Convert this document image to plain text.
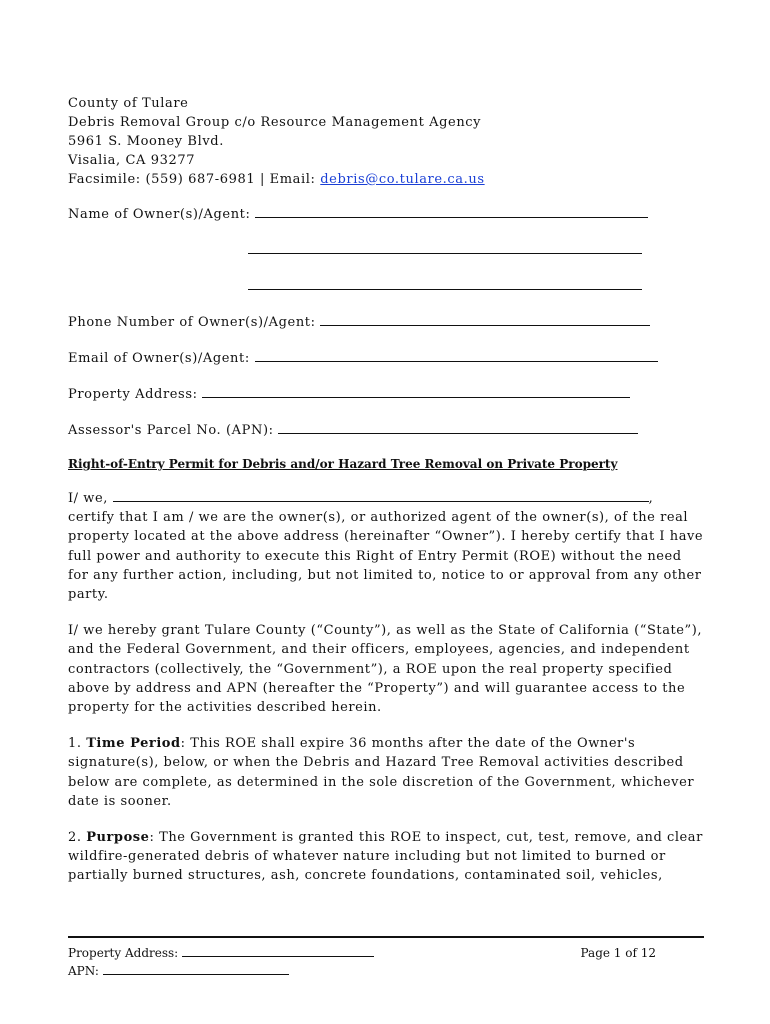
County of Tulare
Debris Removal Group c/o Resource Management Agency
5961 S. Mooney Blvd.
Visalia, CA 93277
Facsimile: (559) 687-6981 | Email: debris@co.tulare.ca.us
Name of Owner(s)/Agent:
Phone Number of Owner(s)/Agent:
Email of Owner(s)/Agent:
Property Address:
Assessor's Parcel No. (APN):
Right-of-Entry Permit for Debris and/or Hazard Tree Removal on Private Property

I/ we,	,
certify that I am / we are the owner(s), or authorized agent of the owner(s), of the real property located at the above address (hereinafter “Owner”). I hereby certify that I have full power and authority to execute this Right of Entry Permit (ROE) without the need for any further action, including, but not limited to, notice to or approval from any other party.

I/ we hereby grant Tulare County (“County”), as well as the State of California (“State”), and the Federal Government, and their officers, employees, agencies, and independent contractors (collectively, the “Government”), a ROE upon the real property specified above by address and APN (hereafter the “Property”) and will guarantee access to the property for the activities described herein.

1. Time Period: This ROE shall expire 36 months after the date of the Owner's signature(s), below, or when the Debris and Hazard Tree Removal activities described below are complete, as determined in the sole discretion of the Government, whichever date is sooner.

2. Purpose: The Government is granted this ROE to inspect, cut, test, remove, and clear wildfire-generated debris of whatever nature including but not limited to burned or partially burned structures, ash, concrete foundations, contaminated soil, vehicles,

Property Address:	Page 1 of 12
APN:
